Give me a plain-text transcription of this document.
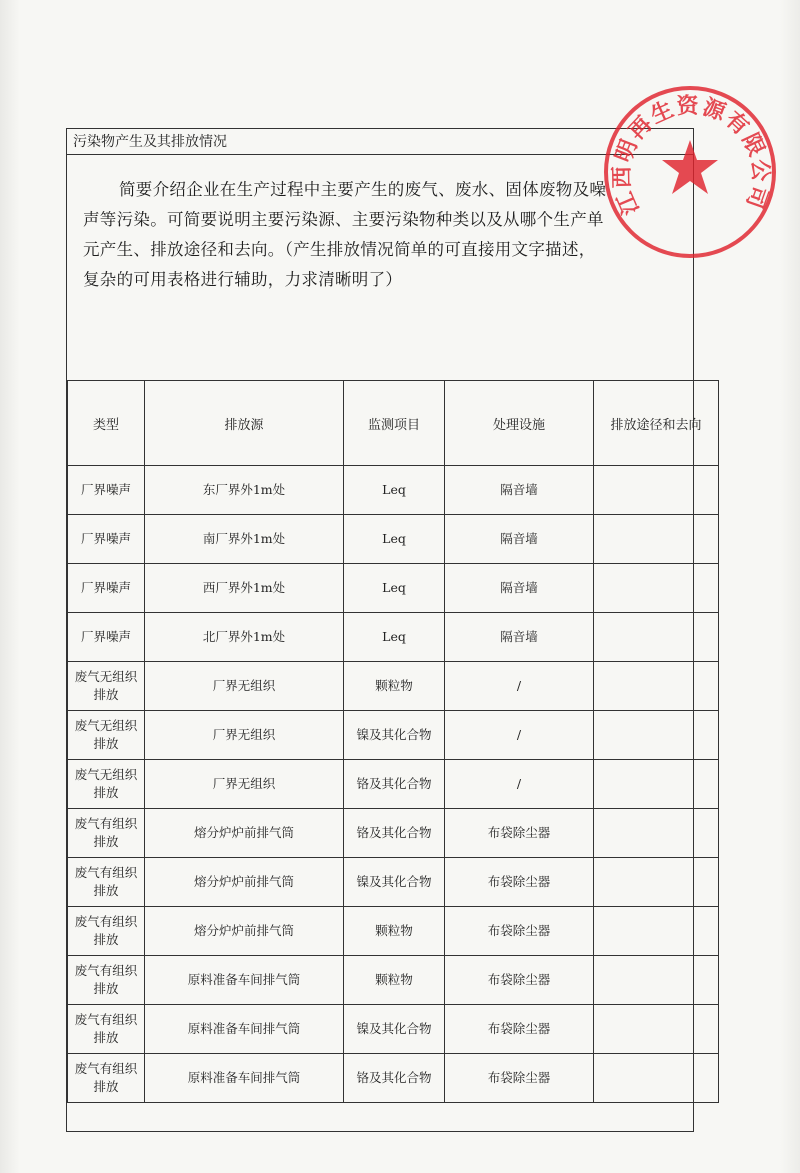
污染物产生及其排放情况
简要介绍企业在生产过程中主要产生的废气、废水、固体废物及噪
声等污染。可简要说明主要污染源、主要污染物种类以及从哪个生产单
元产生、排放途径和去向。（产生排放情况简单的可直接用文字描述，
复杂的可用表格进行辅助，力求清晰明了）
类型	排放源	监测项目	处理设施	排放途径和去向
厂界噪声	东厂界外1m处	Leq	隔音墙	
厂界噪声	南厂界外1m处	Leq	隔音墙	
厂界噪声	西厂界外1m处	Leq	隔音墙	
厂界噪声	北厂界外1m处	Leq	隔音墙	
废气无组织排放	厂界无组织	颗粒物	/	
废气无组织排放	厂界无组织	镍及其化合物	/	
废气无组织排放	厂界无组织	铬及其化合物	/	
废气有组织排放	熔分炉炉前排气筒	铬及其化合物	布袋除尘器	
废气有组织排放	熔分炉炉前排气筒	镍及其化合物	布袋除尘器	
废气有组织排放	熔分炉炉前排气筒	颗粒物	布袋除尘器	
废气有组织排放	原料准备车间排气筒	颗粒物	布袋除尘器	
废气有组织排放	原料准备车间排气筒	镍及其化合物	布袋除尘器	
废气有组织排放	原料准备车间排气筒	铬及其化合物	布袋除尘器	
江西明再生资源有限公司
